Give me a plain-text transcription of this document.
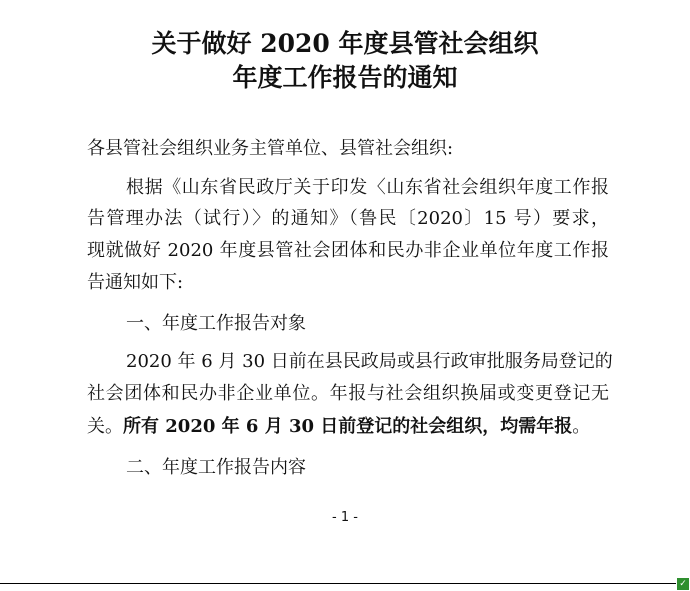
关于做好 2020 年度县管社会组织
年度工作报告的通知
各县管社会组织业务主管单位、县管社会组织:
根据《山东省民政厅关于印发〈山东省社会组织年度工作报
告管理办法（试行）〉的通知》（鲁民〔2020〕15 号）要求，
现就做好 2020 年度县管社会团体和民办非企业单位年度工作报
告通知如下:
一、年度工作报告对象
2020 年 6 月 30 日前在县民政局或县行政审批服务局登记的
社会团体和民办非企业单位。年报与社会组织换届或变更登记无
关。所有 2020 年 6 月 30 日前登记的社会组织，均需年报。
二、年度工作报告内容
- 1 -
✓
